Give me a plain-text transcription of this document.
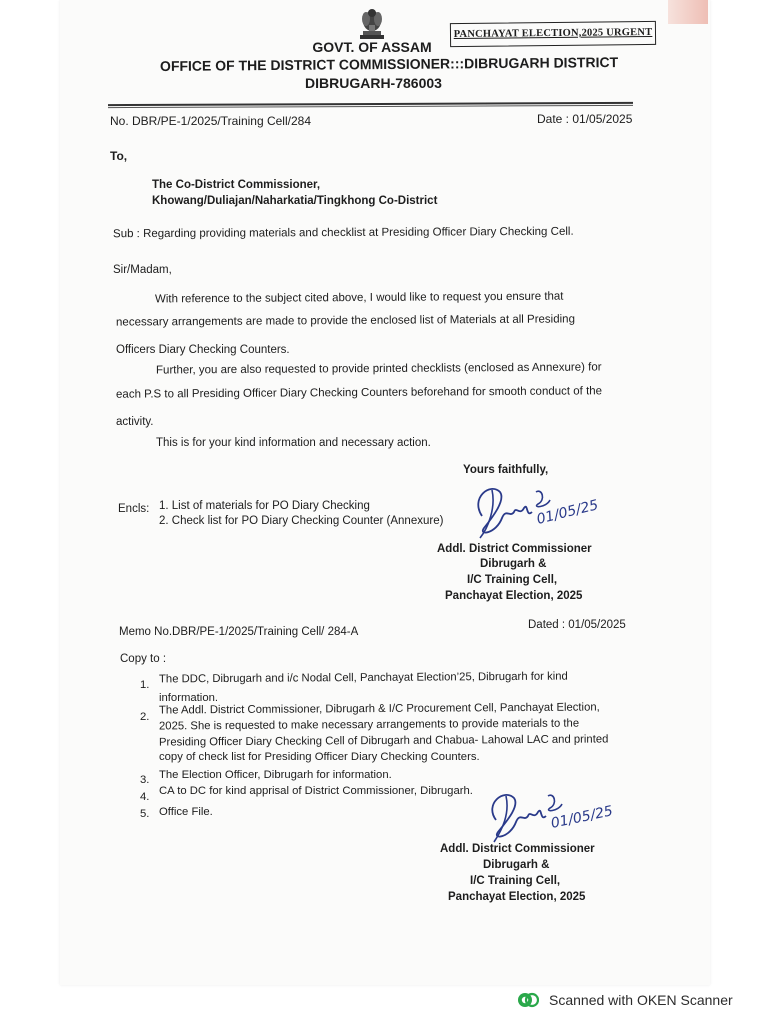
PANCHAYAT ELECTION,2025 URGENT
GOVT. OF ASSAM
OFFICE OF THE DISTRICT COMMISSIONER:::DIBRUGARH DISTRICT
DIBRUGARH-786003
No. DBR/PE-1/2025/Training Cell/284	Date : 01/05/2025
To,
The Co-District Commissioner,
Khowang/Duliajan/Naharkatia/Tingkhong Co-District
Sub : Regarding providing materials and checklist at Presiding Officer Diary Checking Cell.
Sir/Madam,
With reference to the subject cited above, I would like to request you ensure that
necessary arrangements are made to provide the enclosed list of Materials at all Presiding
Officers Diary Checking Counters.
Further, you are also requested to provide printed checklists (enclosed as Annexure) for
each P.S to all Presiding Officer Diary Checking Counters beforehand for smooth conduct of the
activity.
This is for your kind information and necessary action.
Yours faithfully,
Encls: 1. List of materials for PO Diary Checking
2. Check list for PO Diary Checking Counter (Annexure)	01/05/25
Addl. District Commissioner
Dibrugarh &
I/C Training Cell,
Panchayat Election, 2025
Memo No.DBR/PE-1/2025/Training Cell/ 284-A
Dated : 01/05/2025
Copy to :
1. The DDC, Dibrugarh and i/c Nodal Cell, Panchayat Election’25, Dibrugarh for kind
information.
2.
The Addl. District Commissioner, Dibrugarh & I/C Procurement Cell, Panchayat Election,
2025. She is requested to make necessary arrangements to provide materials to the
Presiding Officer Diary Checking Cell of Dibrugarh and Chabua- Lahowal LAC and printed
copy of check list for Presiding Officer Diary Checking Counters.
3. The Election Officer, Dibrugarh for information.
4. CA to DC for kind apprisal of District Commissioner, Dibrugarh.
5. Office File.	01/05/25
Addl. District Commissioner
Dibrugarh &
I/C Training Cell,
Panchayat Election, 2025
Scanned with OKEN Scanner
